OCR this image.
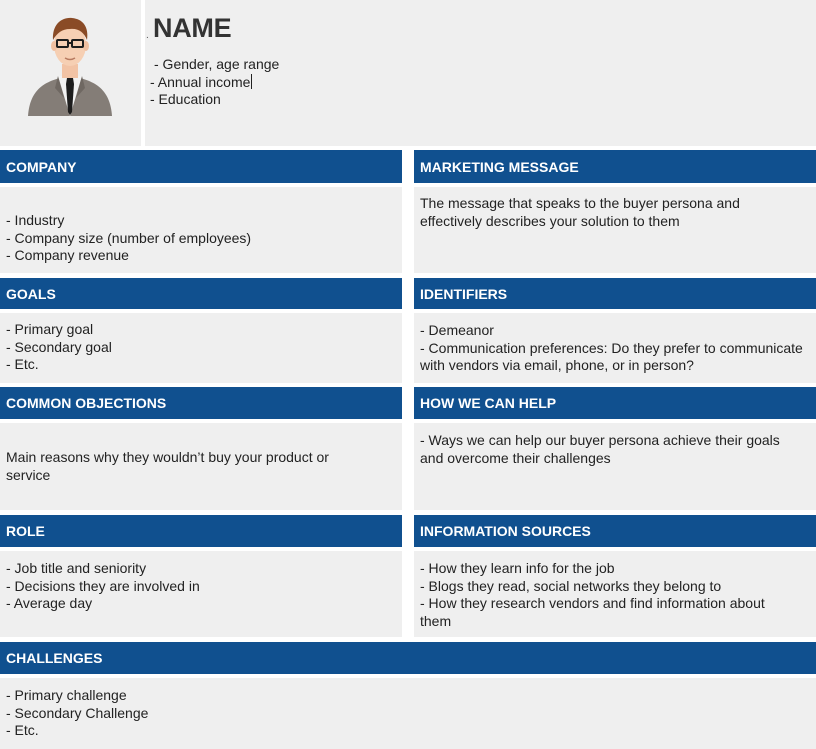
. NAME
- Gender, age range
- Annual income
- Education
COMPANY
- Industry
- Company size (number of employees)
- Company revenue
MARKETING MESSAGE
The message that speaks to the buyer persona and effectively describes your solution to them
GOALS
- Primary goal
- Secondary goal
- Etc.
IDENTIFIERS
- Demeanor
- Communication preferences: Do they prefer to communicate with vendors via email, phone, or in person?
COMMON OBJECTIONS
Main reasons why they wouldn’t buy your product or service
HOW WE CAN HELP
- Ways we can help our buyer persona achieve their goals and overcome their challenges
ROLE
- Job title and seniority
- Decisions they are involved in
- Average day
INFORMATION SOURCES
- How they learn info for the job
- Blogs they read, social networks they belong to
- How they research vendors and find information about them
CHALLENGES
- Primary challenge
- Secondary Challenge
- Etc.
